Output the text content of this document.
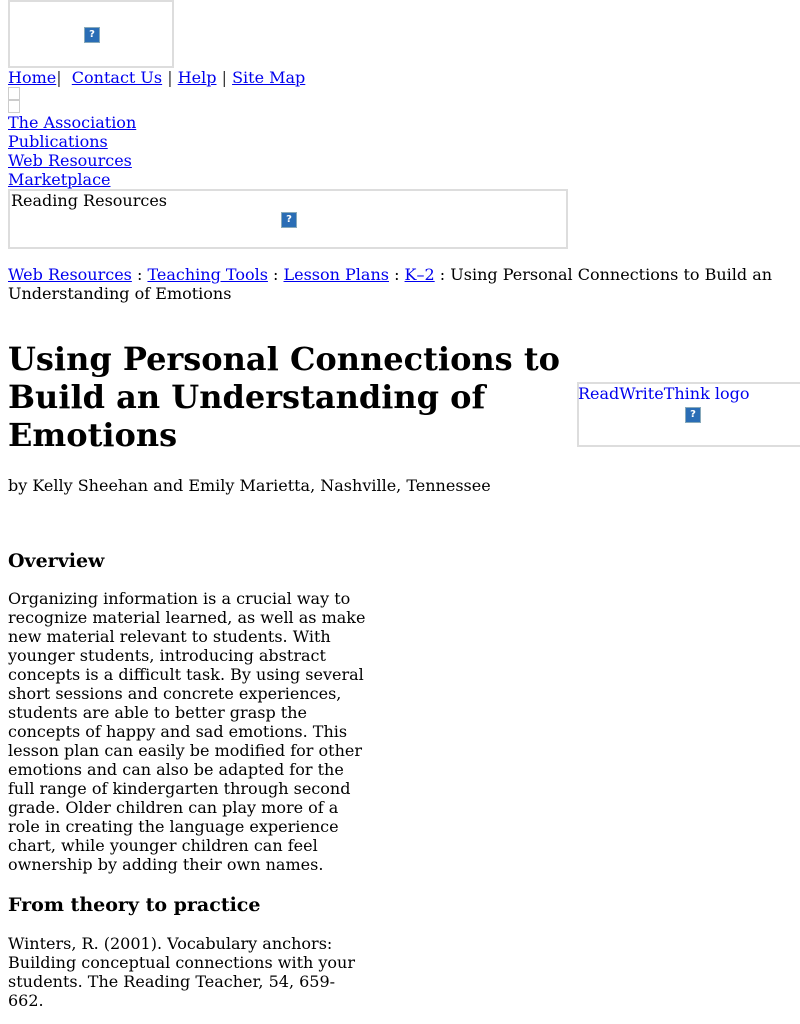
?
Home| Contact Us | Help | Site Map
The Association
Publications
Web Resources
Marketplace
Reading Resources
?
Web Resources : Teaching Tools : Lesson Plans : K–2 : Using Personal Connections to Build an Understanding of Emotions
Using Personal Connections to Build an Understanding of Emotions
ReadWriteThink logo
?
by Kelly Sheehan and Emily Marietta, Nashville, Tennessee
Overview

Organizing information is a crucial way to recognize material learned, as well as make new material relevant to students. With younger students, introducing abstract concepts is a difficult task. By using several short sessions and concrete experiences, students are able to better grasp the concepts of happy and sad emotions. This lesson plan can easily be modified for other emotions and can also be adapted for the full range of kindergarten through second grade. Older children can play more of a role in creating the language experience chart, while younger children can feel ownership by adding their own names.

From theory to practice

Winters, R. (2001). Vocabulary anchors: Building conceptual connections with your students. The Reading Teacher, 54, 659-662.
